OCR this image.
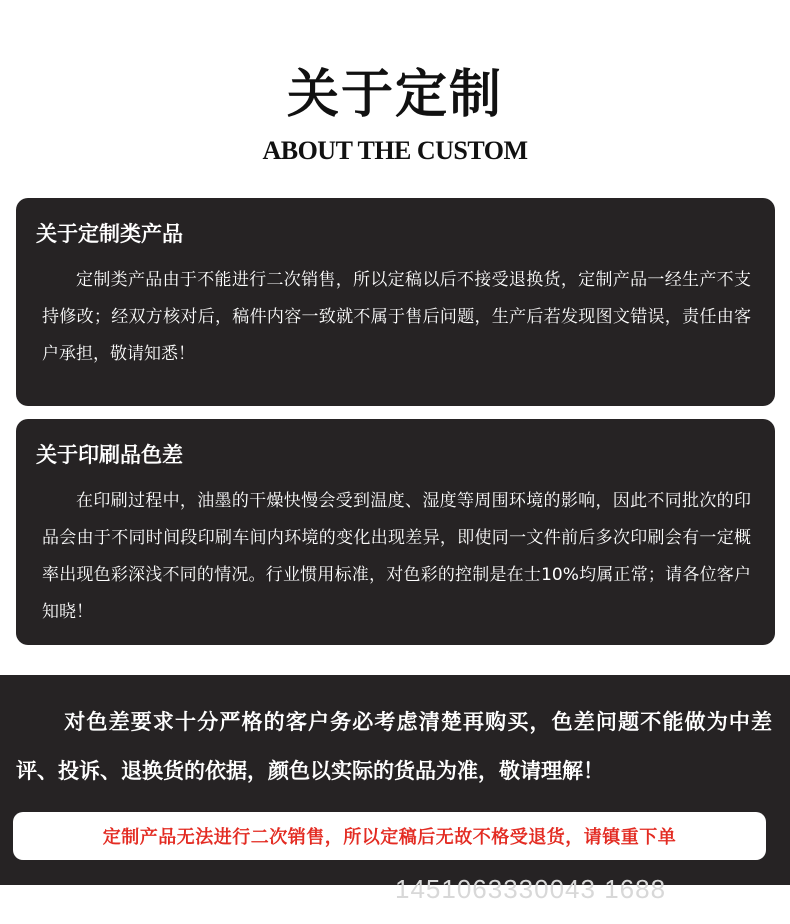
关于定制
ABOUT THE CUSTOM
关于定制类产品
定制类产品由于不能进行二次销售，所以定稿以后不接受退换货，定制产品一经生产不支持修改；经双方核对后，稿件内容一致就不属于售后问题，生产后若发现图文错误，责任由客户承担，敬请知悉！
关于印刷品色差
在印刷过程中，油墨的干燥快慢会受到温度、湿度等周围环境的影响，因此不同批次的印品会由于不同时间段印刷车间内环境的变化出现差异，即使同一文件前后多次印刷会有一定概率出现色彩深浅不同的情况。行业惯用标准，对色彩的控制是在士10%均属正常；请各位客户知晓！
对色差要求十分严格的客户务必考虑清楚再购买，色差问题不能做为中差评、投诉、退换货的依据，颜色以实际的货品为准，敬请理解！
定制产品无法进行二次销售，所以定稿后无故不格受退货，请镇重下单
1451063330043 1688
